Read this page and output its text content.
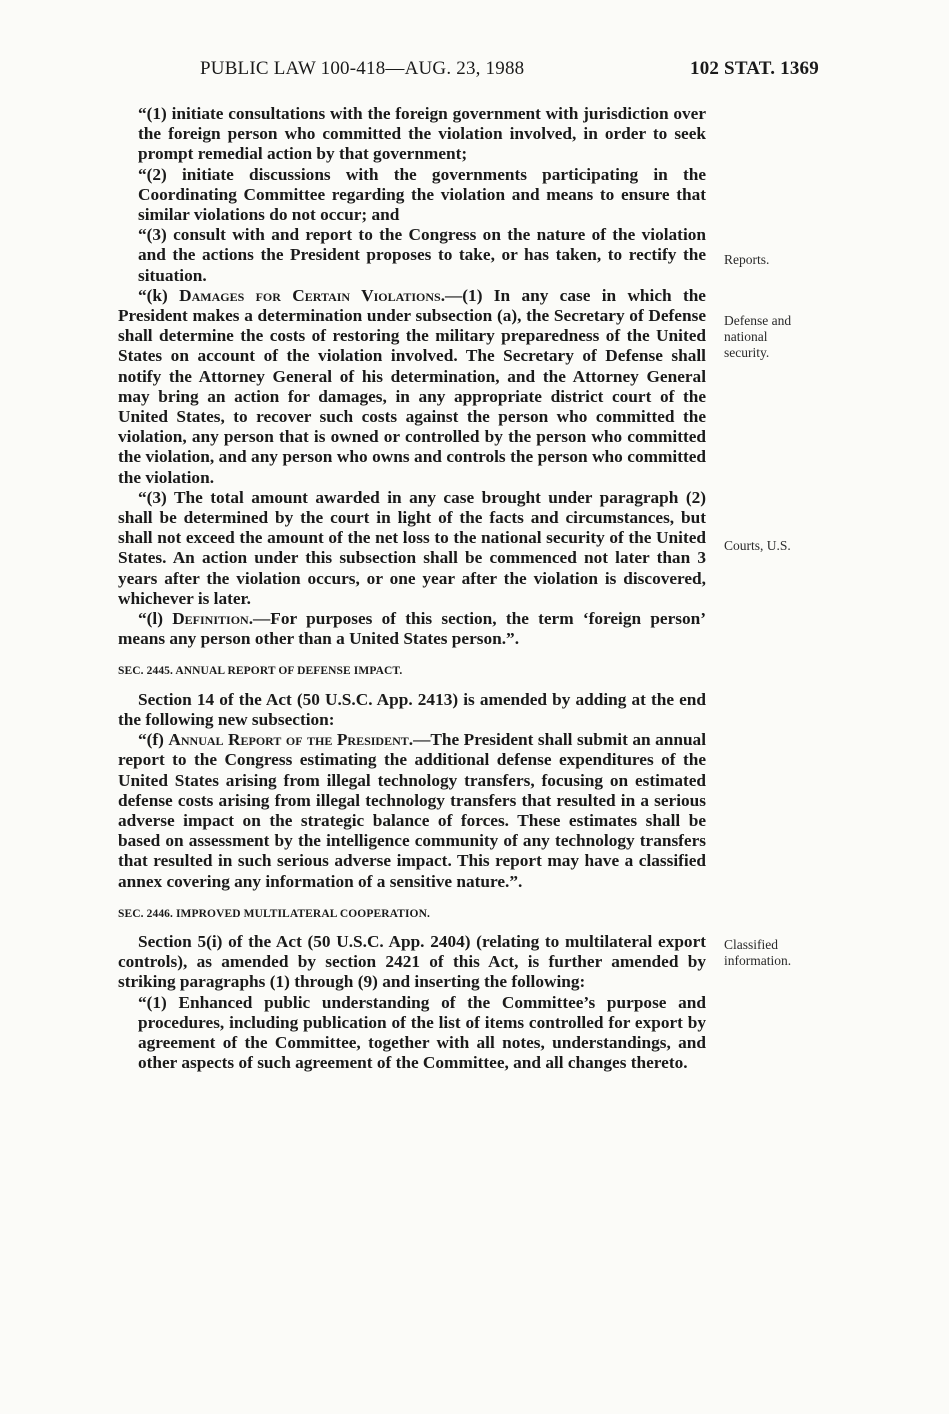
PUBLIC LAW 100-418—AUG. 23, 1988	102 STAT. 1369

“(1) initiate consultations with the foreign government with jurisdiction over the foreign person who committed the violation involved, in order to seek prompt remedial action by that government;

“(2) initiate discussions with the governments participating in the Coordinating Committee regarding the violation and means to ensure that similar violations do not occur; and

“(3) consult with and report to the Congress on the nature of the violation and the actions the President proposes to take, or has taken, to rectify the situation.

“(k) Damages for Certain Violations.—(1) In any case in which the President makes a determination under subsection (a), the Secretary of Defense shall determine the costs of restoring the military preparedness of the United States on account of the violation involved. The Secretary of Defense shall notify the Attorney General of his determination, and the Attorney General may bring an action for damages, in any appropriate district court of the United States, to recover such costs against the person who committed the violation, any person that is owned or controlled by the person who committed the violation, and any person who owns and controls the person who committed the violation.

“(3) The total amount awarded in any case brought under paragraph (2) shall be determined by the court in light of the facts and circumstances, but shall not exceed the amount of the net loss to the national security of the United States. An action under this subsection shall be commenced not later than 3 years after the violation occurs, or one year after the violation is discovered, whichever is later.

“(l) Definition.—For purposes of this section, the term ‘foreign person’ means any person other than a United States person.”.

SEC. 2445. ANNUAL REPORT OF DEFENSE IMPACT.

Section 14 of the Act (50 U.S.C. App. 2413) is amended by adding at the end the following new subsection:

“(f) Annual Report of the President.—The President shall submit an annual report to the Congress estimating the additional defense expenditures of the United States arising from illegal technology transfers, focusing on estimated defense costs arising from illegal technology transfers that resulted in a serious adverse impact on the strategic balance of forces. These estimates shall be based on assessment by the intelligence community of any technology transfers that resulted in such serious adverse impact. This report may have a classified annex covering any information of a sensitive nature.”.

SEC. 2446. IMPROVED MULTILATERAL COOPERATION.

Section 5(i) of the Act (50 U.S.C. App. 2404) (relating to multilateral export controls), as amended by section 2421 of this Act, is further amended by striking paragraphs (1) through (9) and inserting the following:

“(1) Enhanced public understanding of the Committee’s purpose and procedures, including publication of the list of items controlled for export by agreement of the Committee, together with all notes, understandings, and other aspects of such agreement of the Committee, and all changes thereto.

Reports.
Defense and
national
security.
Courts, U.S.
Classified
information.
